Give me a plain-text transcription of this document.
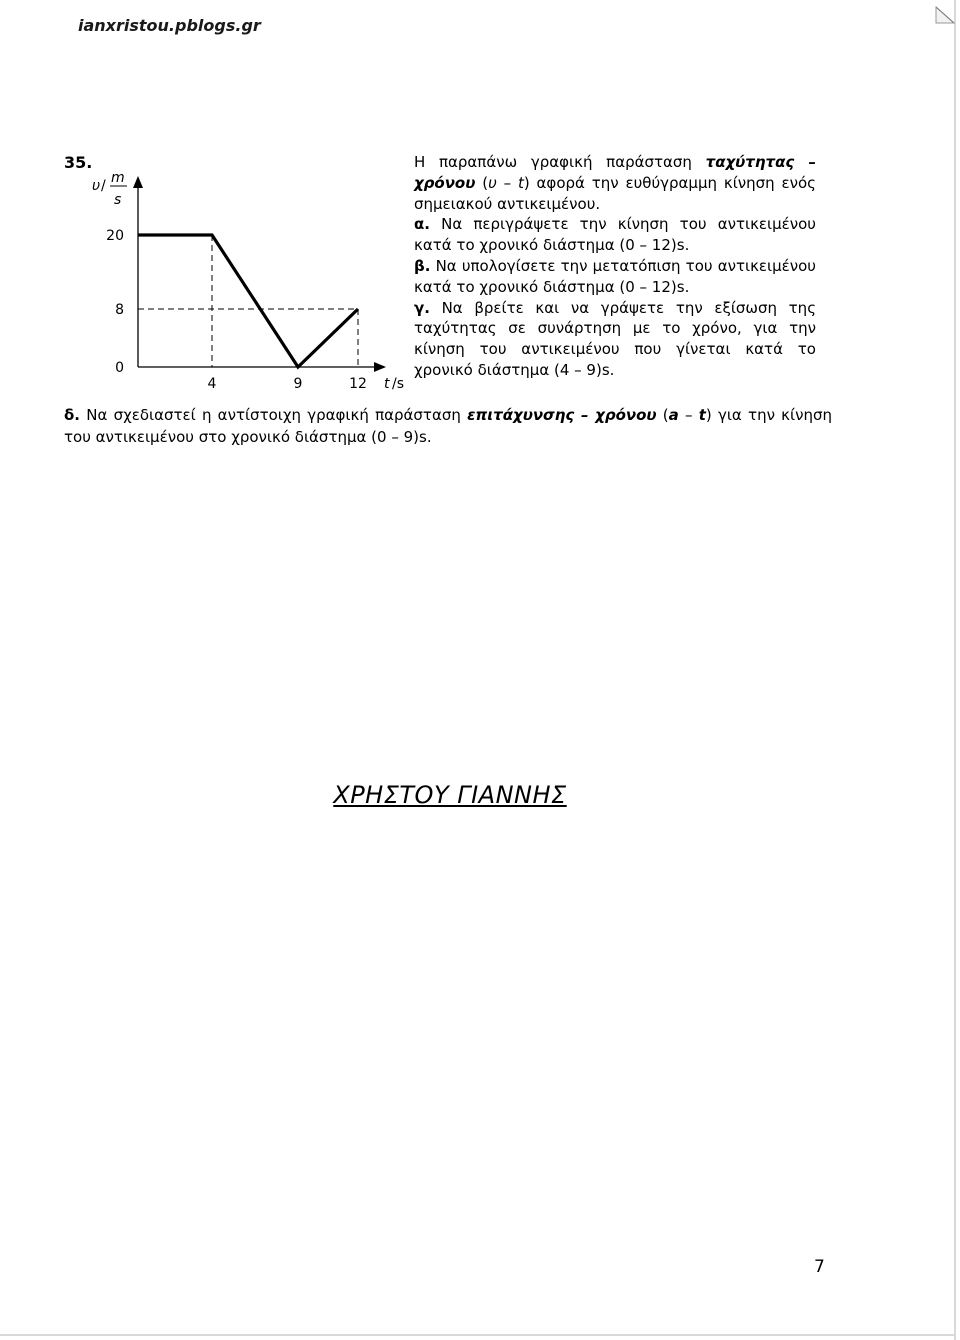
ianxristou.pblogs.gr
35.
υ / m
s
4	9	12
20
8
0
t /s

Η παραπάνω γραφική παράσταση ταχύτητας – χρόνου (υ – t) αφορά την ευθύγραμμη κίνηση ενός σημειακού αντικειμένου.

α. Να περιγράψετε την κίνηση του αντικειμένου κατά το χρονικό διάστημα (0 – 12)s.

β. Να υπολογίσετε την μετατόπιση του αντικειμένου κατά το χρονικό διάστημα (0 – 12)s.

γ. Να βρείτε και να γράψετε την εξίσωση της ταχύτητας σε συνάρτηση με το χρόνο, για την κίνηση του αντικειμένου που γίνεται κατά το χρονικό διάστημα (4 – 9)s.

δ. Να σχεδιαστεί η αντίστοιχη γραφική παράσταση επιτάχυνσης – χρόνου (a – t) για την κίνηση του αντικειμένου στο χρονικό διάστημα (0 – 9)s.

ΧΡΗΣΤΟΥ ΓΙΑΝΝΗΣ
7
